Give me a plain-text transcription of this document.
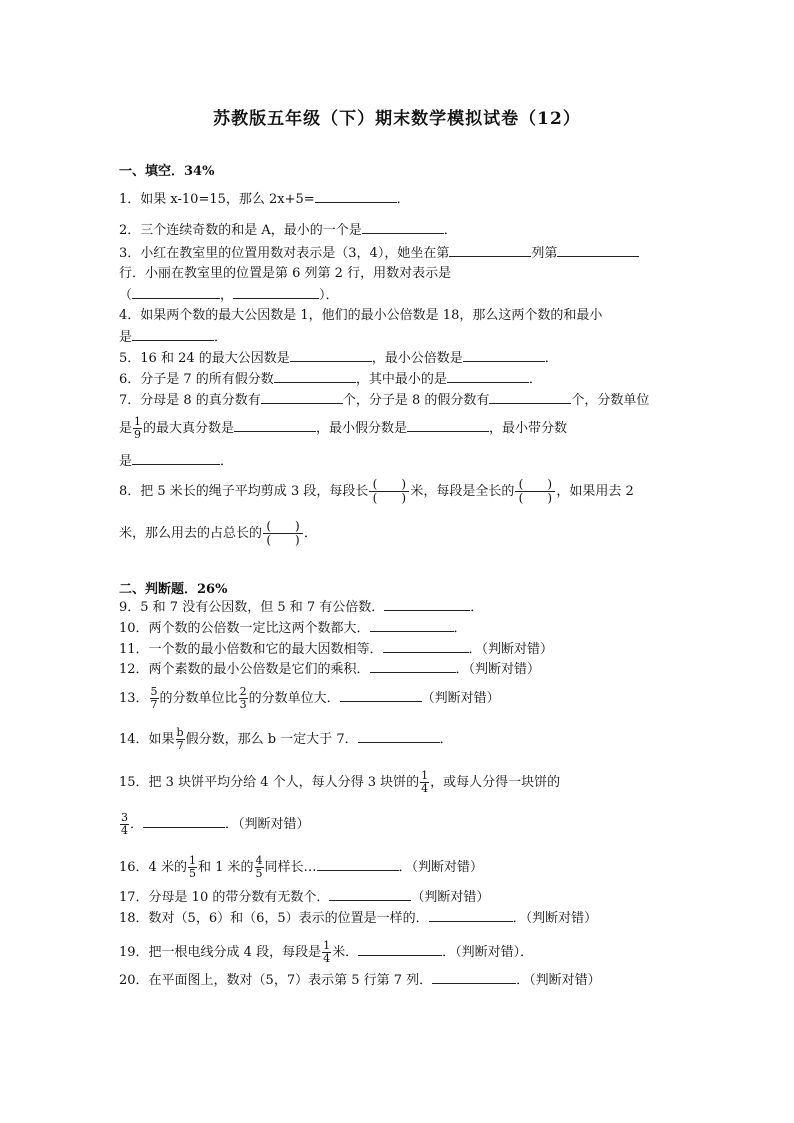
苏教版五年级（下）期末数学模拟试卷（12）
一、填空．34%
1．如果 x-10=15，那么 2x+5=	．
2．三个连续奇数的和是 A，最小的一个是	．
3．小红在教室里的位置用数对表示是（3，4），她坐在第	列第
行．小丽在教室里的位置是第 6 列第 2 行，用数对表示是
（	，	）．
4．如果两个数的最大公因数是 1，他们的最小公倍数是 18，那么这两个数的和最小
是	．
5．16 和 24 的最大公因数是	，最小公倍数是	．
6．分子是 7 的所有假分数	，其中最小的是	．
7．分母是 8 的真分数有	个，分子是 8 的假分数有	个，分数单位
是 $\frac{1}{9}$ 的最大真分数是	，最小假分数是	，最小带分数
是	．
8．把 5 米长的绳子平均剪成 3 段，每段长 (　　)
(　　) 米，每段是全长的 (　　)
(　　) ，如果用去 2
米，那么用去的占总长的 (　　)
(　　) ．
二、判断题．26%
9．5 和 7 没有公因数，但 5 和 7 有公倍数．	．
10．两个数的公倍数一定比这两个数都大．	．
11．一个数的最小倍数和它的最大因数相等．	．（判断对错）
12．两个素数的最小公倍数是它们的乘积．	．（判断对错）
13． $\frac{5}{7}$ 的分数单位比 $\frac{2}{3}$ 的分数单位大．	（判断对错）
14．如果 $\frac{b}{7}$ 假分数，那么 b 一定大于 7．	．
15．把 3 块饼平均分给 4 个人，每人分得 3 块饼的 $\frac{1}{4}$ ，或每人分得一块饼的
$\frac{3}{4}$ ．	．（判断对错）
16．4 米的 $\frac{1}{5}$ 和 1 米的 $\frac{4}{5}$ 同样长…	．（判断对错）
17．分母是 10 的带分数有无数个．	（判断对错）
18．数对（5，6）和（6，5）表示的位置是一样的．	．（判断对错）
19．把一根电线分成 4 段，每段是 $\frac{1}{4}$ 米．	．（判断对错）．
20．在平面图上，数对（5，7）表示第 5 行第 7 列．	．（判断对错）
